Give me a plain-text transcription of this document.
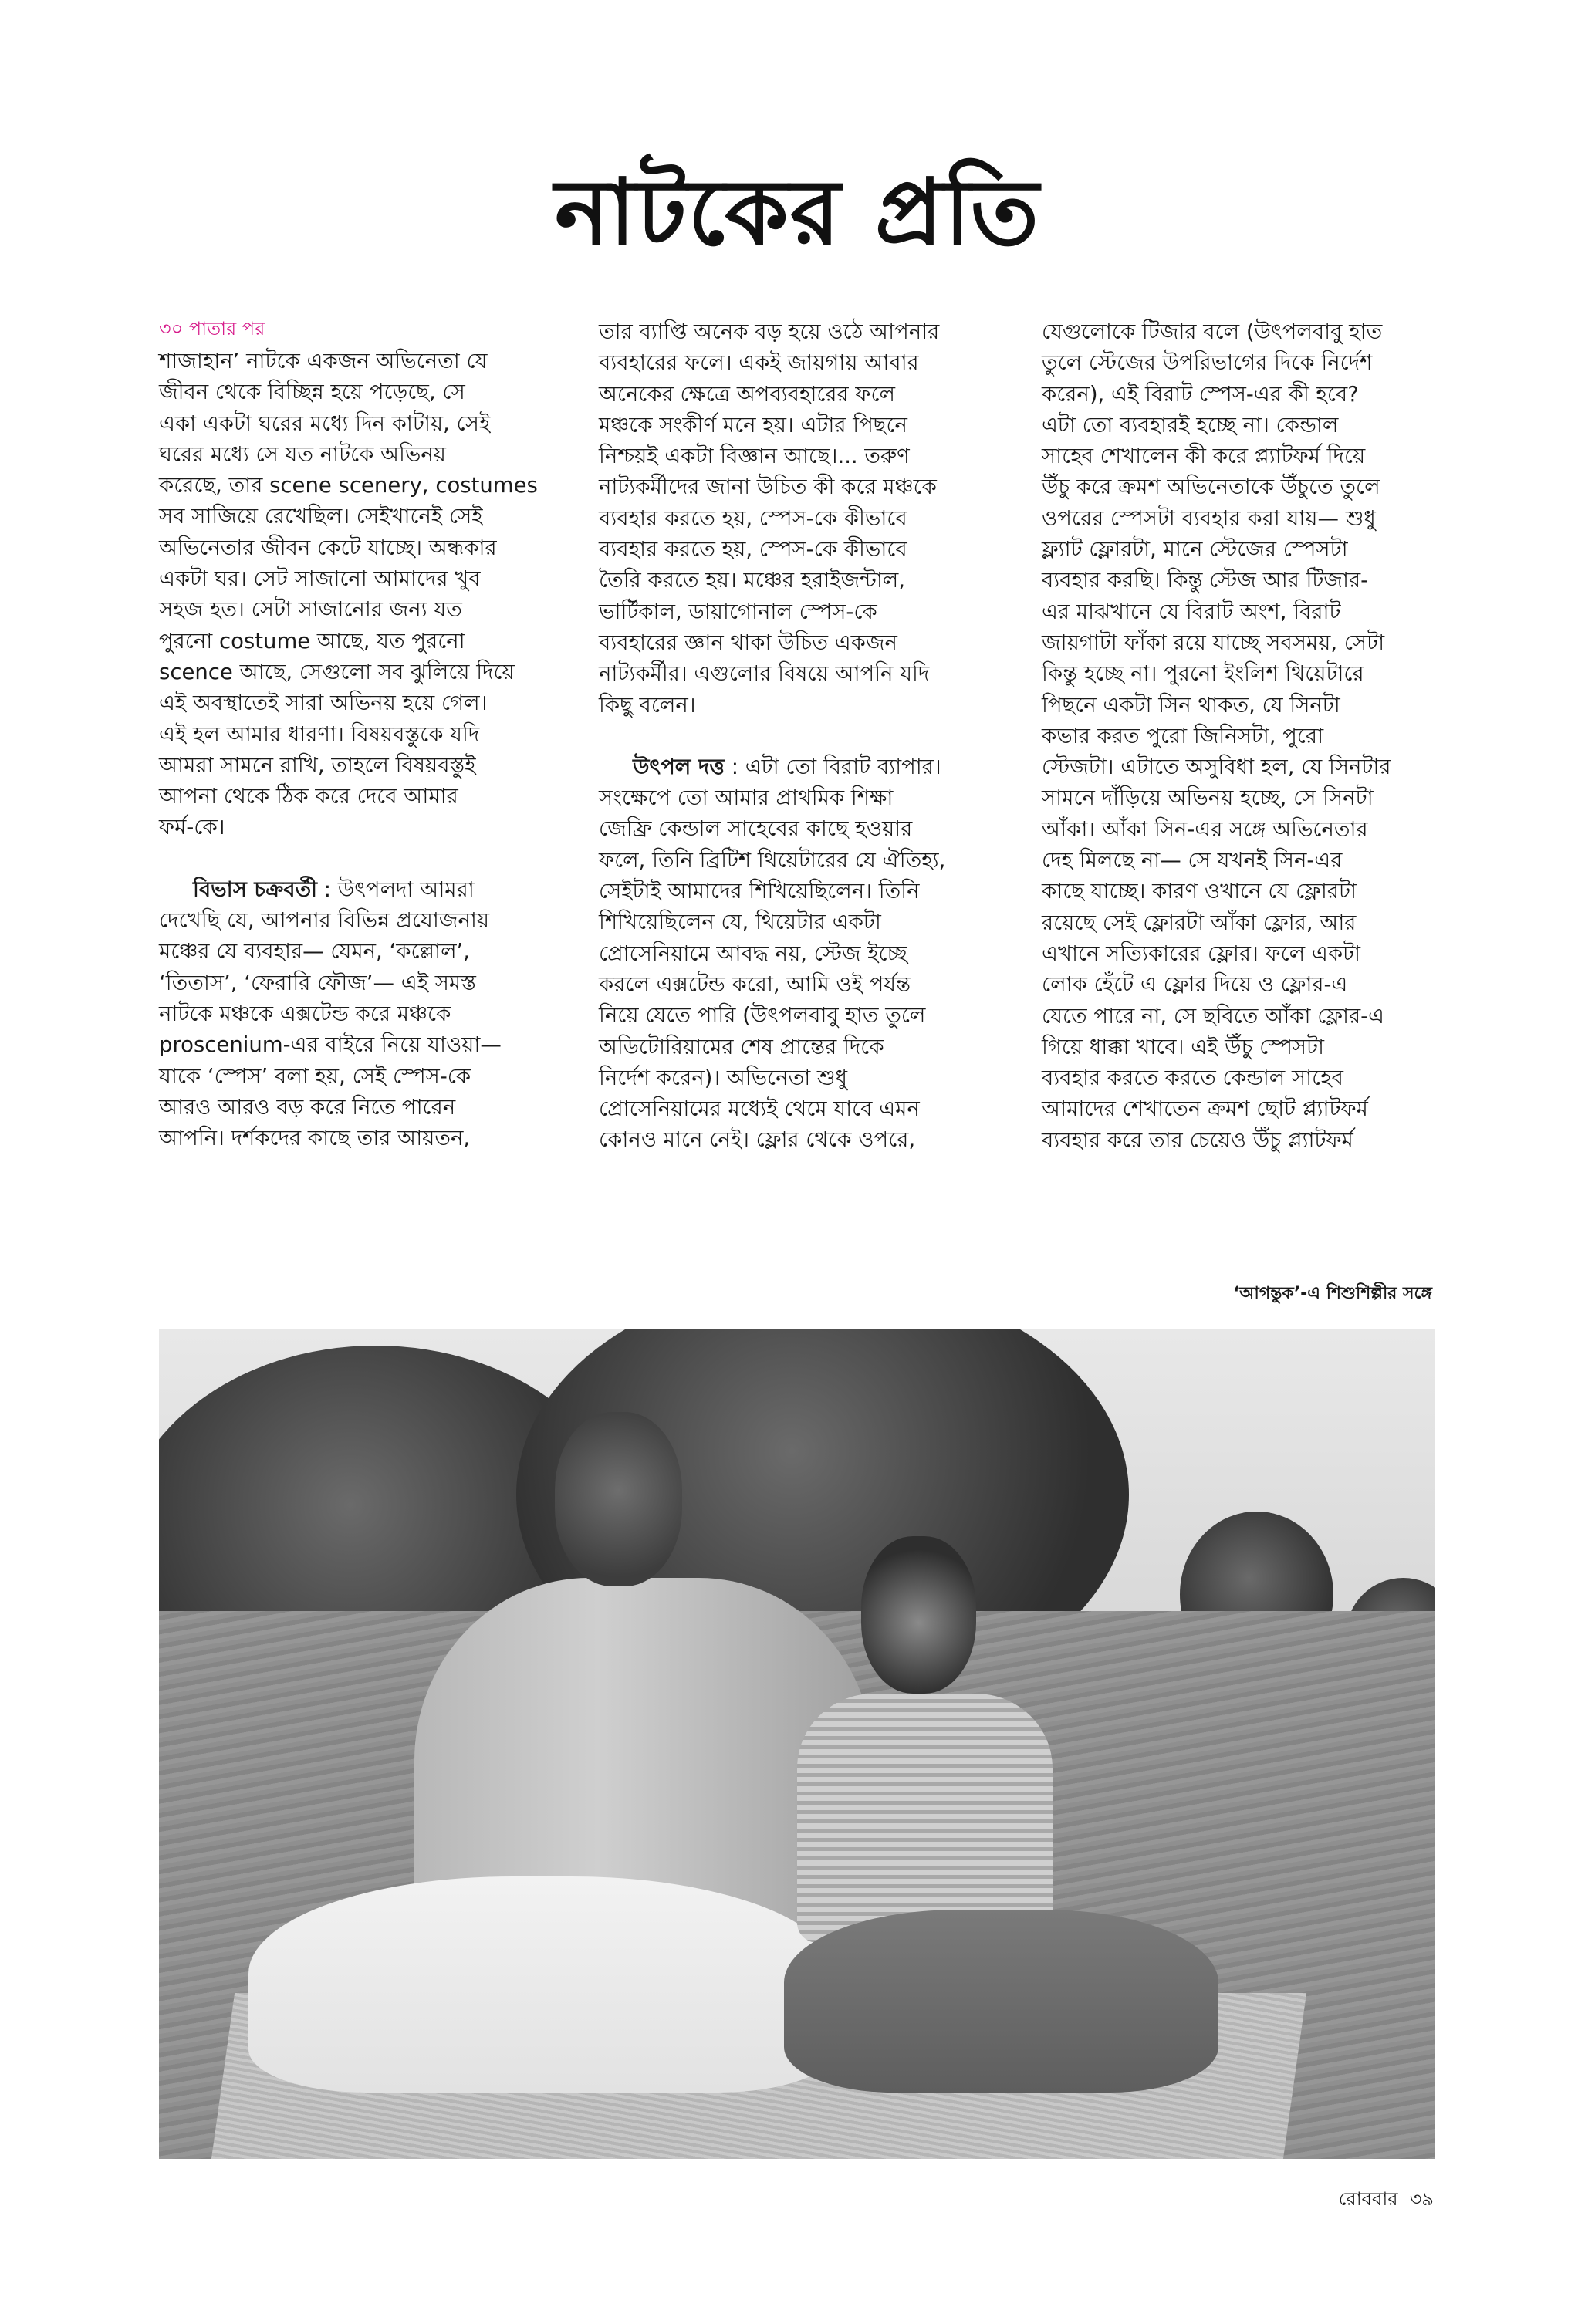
নাটকের প্রতি
৩০ পাতার পর
শাজাহান’ নাটকে একজন অভিনেতা যে
জীবন থেকে বিচ্ছিন্ন হয়ে পড়েছে, সে
একা একটা ঘরের মধ্যে দিন কাটায়, সেই
ঘরের মধ্যে সে যত নাটকে অভিনয়
করেছে, তার scene scenery, costumes
সব সাজিয়ে রেখেছিল। সেইখানেই সেই
অভিনেতার জীবন কেটে যাচ্ছে। অন্ধকার
একটা ঘর। সেট সাজানো আমাদের খুব
সহজ হত। সেটা সাজানোর জন্য যত
পুরনো costume আছে, যত পুরনো
scence আছে, সেগুলো সব ঝুলিয়ে দিয়ে
এই অবস্থাতেই সারা অভিনয় হয়ে গেল।
এই হল আমার ধারণা। বিষয়বস্তুকে যদি
আমরা সামনে রাখি, তাহলে বিষয়বস্তুই
আপনা থেকে ঠিক করে দেবে আমার
ফর্ম-কে।
বিভাস চক্রবর্তী : উৎপলদা আমরা
দেখেছি যে, আপনার বিভিন্ন প্রযোজনায়
মঞ্চের যে ব্যবহার— যেমন, ‘কল্লোল’,
‘তিতাস’, ‘ফেরারি ফৌজ’— এই সমস্ত
নাটকে মঞ্চকে এক্সটেন্ড করে মঞ্চকে
proscenium-এর বাইরে নিয়ে যাওয়া—
যাকে ‘স্পেস’ বলা হয়, সেই স্পেস-কে
আরও আরও বড় করে নিতে পারেন
আপনি। দর্শকদের কাছে তার আয়তন,
তার ব্যাপ্তি অনেক বড় হয়ে ওঠে আপনার
ব্যবহারের ফলে। একই জায়গায় আবার
অনেকের ক্ষেত্রে অপব্যবহারের ফলে
মঞ্চকে সংকীর্ণ মনে হয়। এটার পিছনে
নিশ্চয়ই একটা বিজ্ঞান আছে।... তরুণ
নাট্যকর্মীদের জানা উচিত কী করে মঞ্চকে
ব্যবহার করতে হয়, স্পেস-কে কীভাবে
ব্যবহার করতে হয়, স্পেস-কে কীভাবে
তৈরি করতে হয়। মঞ্চের হরাইজন্টাল,
ভার্টিকাল, ডায়াগোনাল স্পেস-কে
ব্যবহারের জ্ঞান থাকা উচিত একজন
নাট্যকর্মীর। এগুলোর বিষয়ে আপনি যদি
কিছু বলেন।
উৎপল দত্ত : এটা তো বিরাট ব্যাপার।
সংক্ষেপে তো আমার প্রাথমিক শিক্ষা
জেফ্রি কেন্ডাল সাহেবের কাছে হওয়ার
ফলে, তিনি ব্রিটিশ থিয়েটারের যে ঐতিহ্য,
সেইটাই আমাদের শিখিয়েছিলেন। তিনি
শিখিয়েছিলেন যে, থিয়েটার একটা
প্রোসেনিয়ামে আবদ্ধ নয়, স্টেজ ইচ্ছে
করলে এক্সটেন্ড করো, আমি ওই পর্যন্ত
নিয়ে যেতে পারি (উৎপলবাবু হাত তুলে
অডিটোরিয়ামের শেষ প্রান্তের দিকে
নির্দেশ করেন)। অভিনেতা শুধু
প্রোসেনিয়ামের মধ্যেই থেমে যাবে এমন
কোনও মানে নেই। ফ্লোর থেকে ওপরে,
যেগুলোকে টিজার বলে (উৎপলবাবু হাত
তুলে স্টেজের উপরিভাগের দিকে নির্দেশ
করেন), এই বিরাট স্পেস-এর কী হবে?
এটা তো ব্যবহারই হচ্ছে না। কেন্ডাল
সাহেব শেখালেন কী করে প্ল্যাটফর্ম দিয়ে
উঁচু করে ক্রমশ অভিনেতাকে উঁচুতে তুলে
ওপরের স্পেসটা ব্যবহার করা যায়— শুধু
ফ্ল্যাট ফ্লোরটা, মানে স্টেজের স্পেসটা
ব্যবহার করছি। কিন্তু স্টেজ আর টিজার-
এর মাঝখানে যে বিরাট অংশ, বিরাট
জায়গাটা ফাঁকা রয়ে যাচ্ছে সবসময়, সেটা
কিন্তু হচ্ছে না। পুরনো ইংলিশ থিয়েটারে
পিছনে একটা সিন থাকত, যে সিনটা
কভার করত পুরো জিনিসটা, পুরো
স্টেজটা। এটাতে অসুবিধা হল, যে সিনটার
সামনে দাঁড়িয়ে অভিনয় হচ্ছে, সে সিনটা
আঁকা। আঁকা সিন-এর সঙ্গে অভিনেতার
দেহ মিলছে না— সে যখনই সিন-এর
কাছে যাচ্ছে। কারণ ওখানে যে ফ্লোরটা
রয়েছে সেই ফ্লোরটা আঁকা ফ্লোর, আর
এখানে সত্যিকারের ফ্লোর। ফলে একটা
লোক হেঁটে এ ফ্লোর দিয়ে ও ফ্লোর-এ
যেতে পারে না, সে ছবিতে আঁকা ফ্লোর-এ
গিয়ে ধাক্কা খাবে। এই উঁচু স্পেসটা
ব্যবহার করতে করতে কেন্ডাল সাহেব
আমাদের শেখাতেন ক্রমশ ছোট প্ল্যাটফর্ম
ব্যবহার করে তার চেয়েও উঁচু প্ল্যাটফর্ম
‘আগন্তুক’-এ শিশুশিল্পীর সঙ্গে
রোববার ৩৯
